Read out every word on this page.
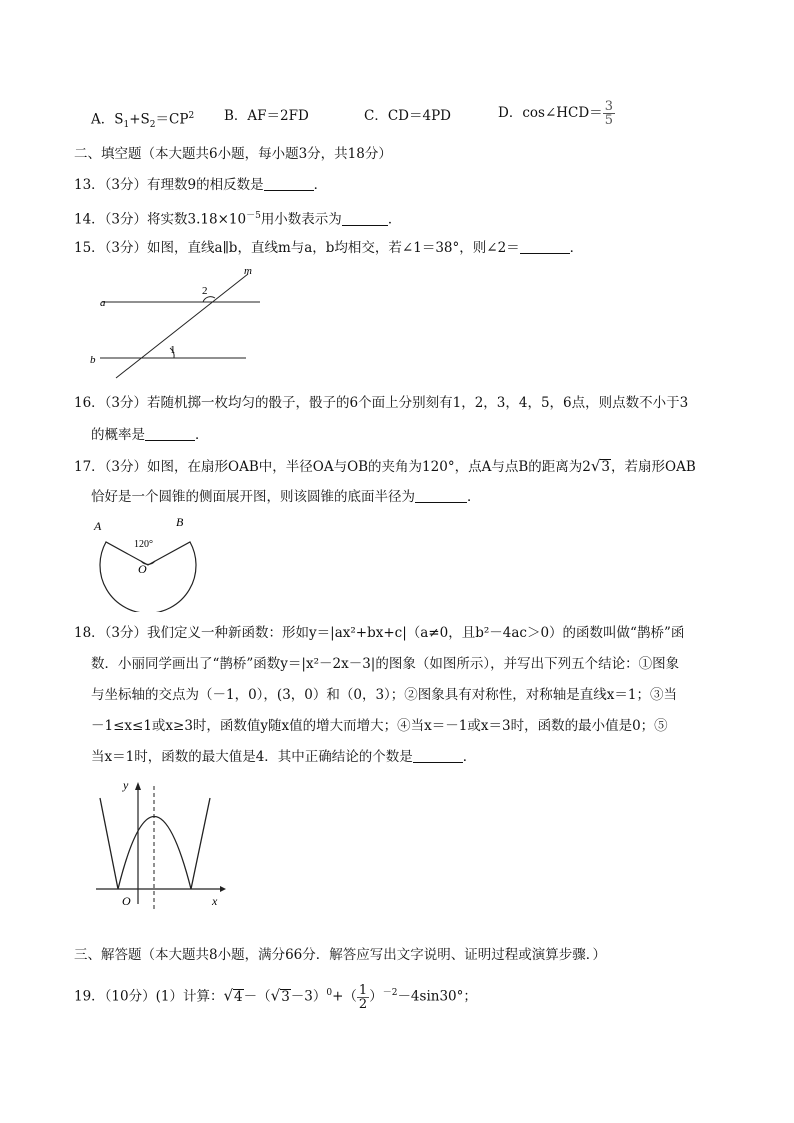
A．$S_1+S_2=CP^2$ B．AF＝2FD	C．CD＝4PD	D．cos∠HCD＝ $\frac{3}{5}$
二、填空题（本大题共6小题，每小题3分，共18分）
13．（3分）有理数9的相反数是	．
14．（3分）将实数$3.18\times 10^{-5}$用小数表示为	．
15．（3分）如图，直线a∥b，直线m与a，b均相交，若∠1＝38°，则∠2＝	．
m
a
b
1
2
16．（3分）若随机掷一枚均匀的骰子，骰子的6个面上分别刻有1，2，3，4，5，6点，则点数不小于3
的概率是	．
17．（3分）如图，在扇形OAB中，半径OA与OB的夹角为120°，点A与点B的距离为2√3，若扇形OAB
恰好是一个圆锥的侧面展开图，则该圆锥的底面半径为	．
A	B
O
120°
18．（3分）我们定义一种新函数：形如y＝|ax²+bx+c|（a≠0，且b²－4ac＞0）的函数叫做“鹊桥”函
数．小丽同学画出了“鹊桥”函数y＝|x²－2x－3|的图象（如图所示），并写出下列五个结论：①图象
与坐标轴的交点为（－1，0），(3，0）和（0，3）；②图象具有对称性，对称轴是直线x＝1；③当
－1≤x≤1或x≥3时，函数值y随x值的增大而增大；④当x＝－1或x＝3时，函数的最小值是0；⑤
当x＝1时，函数的最大值是4．其中正确结论的个数是	．
y
x
O
三、解答题（本大题共8小题，满分66分．解答应写出文字说明、证明过程或演算步骤．）
19．（10分）(1）计算：$√4-(√3-3)^0+( \frac{1}{2} )^{-2}-4\sin 30^\circ$；
